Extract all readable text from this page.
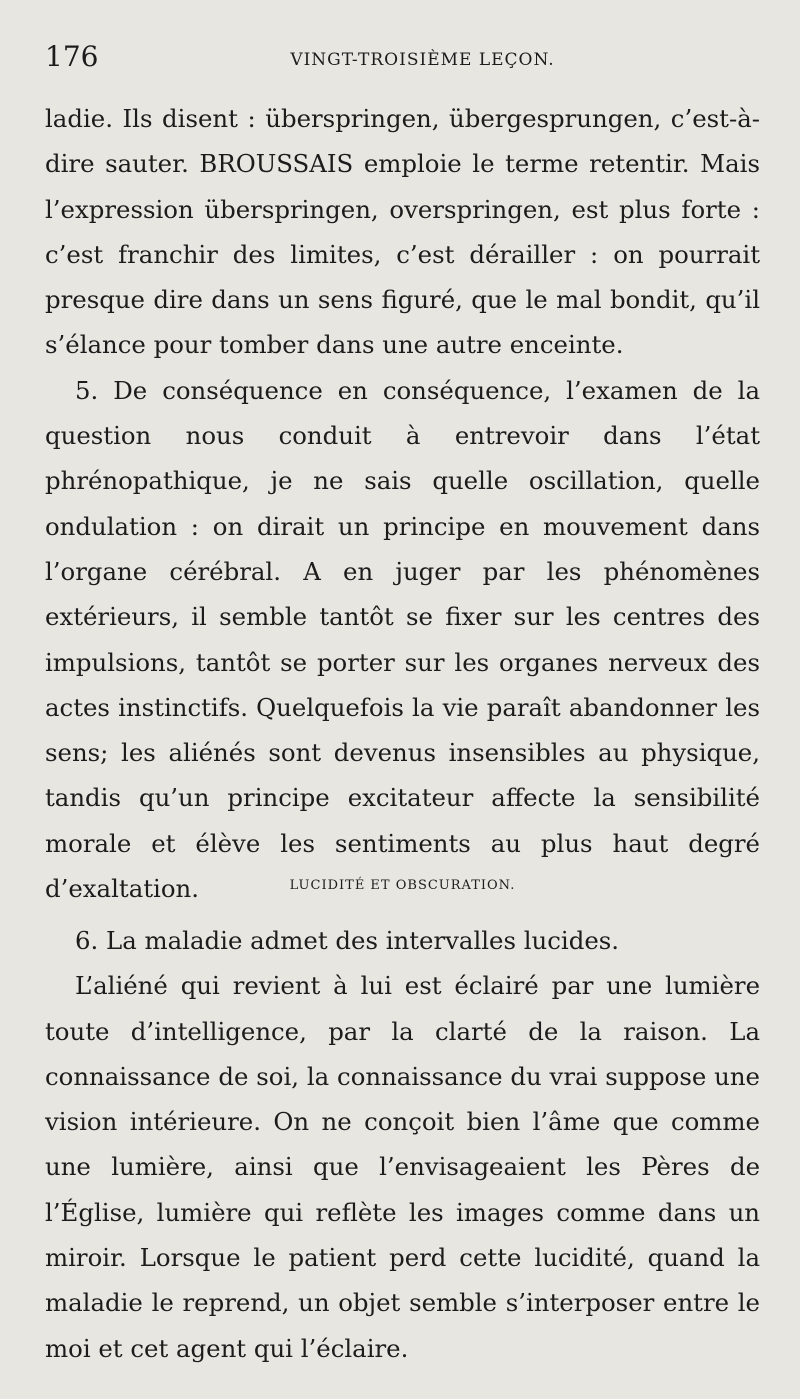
176	VINGT-TROISIÈME LEÇON.

ladie. Ils disent : überspringen, übergesprungen, c’est-à-dire sauter. BROUSSAIS emploie le terme retentir. Mais l’expression überspringen, overspringen, est plus forte : c’est franchir des limites, c’est dérailler : on pourrait presque dire dans un sens figuré, que le mal bondit, qu’il s’élance pour tomber dans une autre enceinte.

5. De conséquence en conséquence, l’examen de la question nous conduit à entrevoir dans l’état phrénopathique, je ne sais quelle oscillation, quelle ondulation : on dirait un principe en mouvement dans l’organe cérébral. A en juger par les phénomènes extérieurs, il semble tantôt se fixer sur les centres des impulsions, tantôt se porter sur les organes nerveux des actes instinctifs. Quelquefois la vie paraît abandonner les sens; les aliénés sont devenus insensibles au physique, tandis qu’un principe excitateur affecte la sensibilité morale et élève les sentiments au plus haut degré d’exaltation.	LUCIDITÉ ET OBSCURATION.

6. La maladie admet des intervalles lucides.

L’aliéné qui revient à lui est éclairé par une lumière toute d’intelligence, par la clarté de la raison. La connaissance de soi, la connaissance du vrai suppose une vision intérieure. On ne conçoit bien l’âme que comme une lumière, ainsi que l’envisageaient les Pères de l’Église, lumière qui reflète les images comme dans un miroir. Lorsque le patient perd cette lucidité, quand la maladie le reprend, un objet semble s’interposer entre le moi et cet agent qui l’éclaire.
